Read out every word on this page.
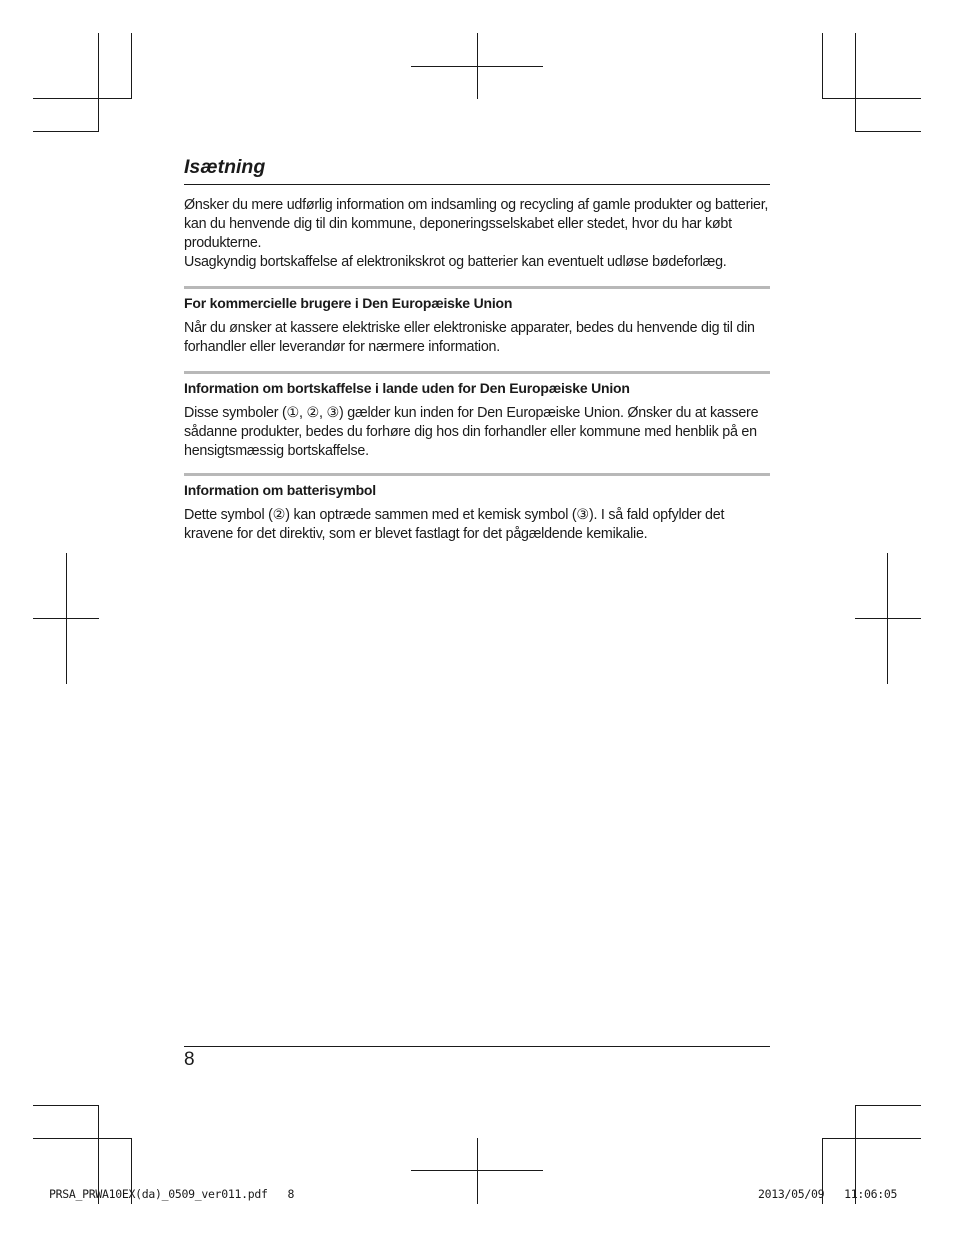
Isætning

Ønsker du mere udførlig information om indsamling og recycling af gamle produkter og batterier, kan du henvende dig til din kommune, deponeringsselskabet eller stedet, hvor du har købt produkterne.

Usagkyndig bortskaffelse af elektronikskrot og batterier kan eventuelt udløse bødeforlæg.

For kommercielle brugere i Den Europæiske Union

Når du ønsker at kassere elektriske eller elektroniske apparater, bedes du henvende dig til din forhandler eller leverandør for nærmere information.

Information om bortskaffelse i lande uden for Den Europæiske Union

Disse symboler (①, ②, ③) gælder kun inden for Den Europæiske Union. Ønsker du at kassere sådanne produkter, bedes du forhøre dig hos din forhandler eller kommune med henblik på en hensigtsmæssig bortskaffelse.

Information om batterisymbol

Dette symbol (②) kan optræde sammen med et kemisk symbol (③). I så fald opfylder det kravene for det direktiv, som er blevet fastlagt for det pågældende kemikalie.

8
PRSA_PRWA10EX(da)_0509_ver011.pdf   8	2013/05/09   11:06:05
